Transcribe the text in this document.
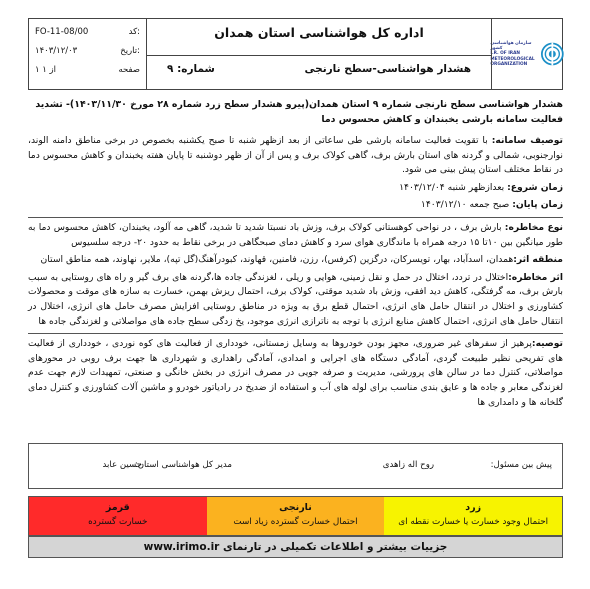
FO-11-08/00	کد:
۱۴۰۳/۱۲/۰۳	تاریخ:
۱ از ۱	صفحه
اداره کل هواشناسی استان همدان
هشدار هواشناسی-سطح نارنجی
شماره: ۹
سازمان هواشناسی کشور
I.R. OF IRAN
METEOROLOGICAL
ORGANIZATION
هشدار هواشناسی سطح نارنجی شماره ۹ استان همدان(پیرو هشدار سطح زرد شماره ۲۸ مورخ ۱۴۰۳/۱۱/۳۰)- تشدید فعالیت سامانه بارشی یخبندان و کاهش محسوس دما

توصیف سامانه: با تقویت فعالیت سامانه بارشی طی ساعاتی از بعد ازظهر شنبه تا صبح یکشنبه بخصوص در برخی مناطق دامنه الوند، نوارجنوبی، شمالی و گردنه های استان بارش برف، گاهی کولاک برف و پس از آن از ظهر دوشنبه تا پایان هفته یخبندان و کاهش محسوس دما در نقاط مختلف استان پیش بینی می شود.

زمان شروع: بعدازظهر شنبه ۱۴۰۳/۱۲/۰۴

زمان پایان: صبح جمعه ۱۴۰۳/۱۲/۱۰

نوع مخاطره: بارش برف ، در نواحی کوهستانی کولاک برف، وزش باد نسبتا شدید تا شدید، گاهی مه آلود، یخبندان، کاهش محسوس دما به طور میانگین بین ۱۰تا ۱۵ درجه همراه با ماندگاری هوای سرد و کاهش دمای صبحگاهی در برخی نقاط به حدود ۲۰- درجه سلسیوس

منطقه اثر:همدان، اسدآباد، بهار، تویسرکان، درگزین (کرفس)، رزن، فامنین، قهاوند، کبودرآهنگ(گل تپه)، ملایر، نهاوند، همه مناطق استان

اثر مخاطره:اختلال در تردد، اختلال در حمل و نقل زمینی، هوایی و ریلی ، لغزندگی جاده ها،گردنه های برف گیر و راه های روستایی به سبب بارش برف، مه گرفتگی، کاهش دید افقی، وزش باد شدید موقتی، کولاک برف، احتمال ریزش بهمن، خسارت به سازه های موقت و محصولات کشاورزی و اختلال در انتقال حامل های انرژی، احتمال قطع برق به ویژه در مناطق روستایی افزایش مصرف حامل های انرژی، اختلال در انتقال حامل های انرژی، احتمال کاهش منابع انرژی با توجه به ناترازی انرژی موجود، یخ زدگی سطح جاده های مواصلاتی و لغزندگی جاده ها

توصیه:پرهیز از سفرهای غیر ضروری، مجهز بودن خودروها به وسایل زمستانی، خودداری از فعالیت های کوه نوردی ، خودداری از فعالیت های تفریحی نظیر طبیعت گردی، آمادگی دستگاه های اجرایی و امدادی، آمادگی راهداری و شهرداری ها جهت برف روبی در محورهای مواصلاتی، کنترل دما در سالن های پرورشی، مدیریت و صرفه جویی در مصرف انرژی در بخش خانگی و صنعتی، تمهیدات لازم جهت عدم لغزندگی معابر و جاده ها و عایق بندی مناسب برای لوله های آب و استفاده از ضدیخ در رادیاتور خودرو و ماشین آلات کشاورزی و کنترل دمای گلخانه ها و دامداری ها

پیش بین مسئول:
روح اله زاهدی
مدیر کل هواشناسی استان:
حسین عابد
زرد
احتمال وجود خسارت یا خسارت نقطه ای
نارنجی
احتمال خسارت گسترده زیاد است
قرمز
خسارت گسترده
جزییات بیشتر و اطلاعات تکمیلی در تارنمای www.irimo.ir
